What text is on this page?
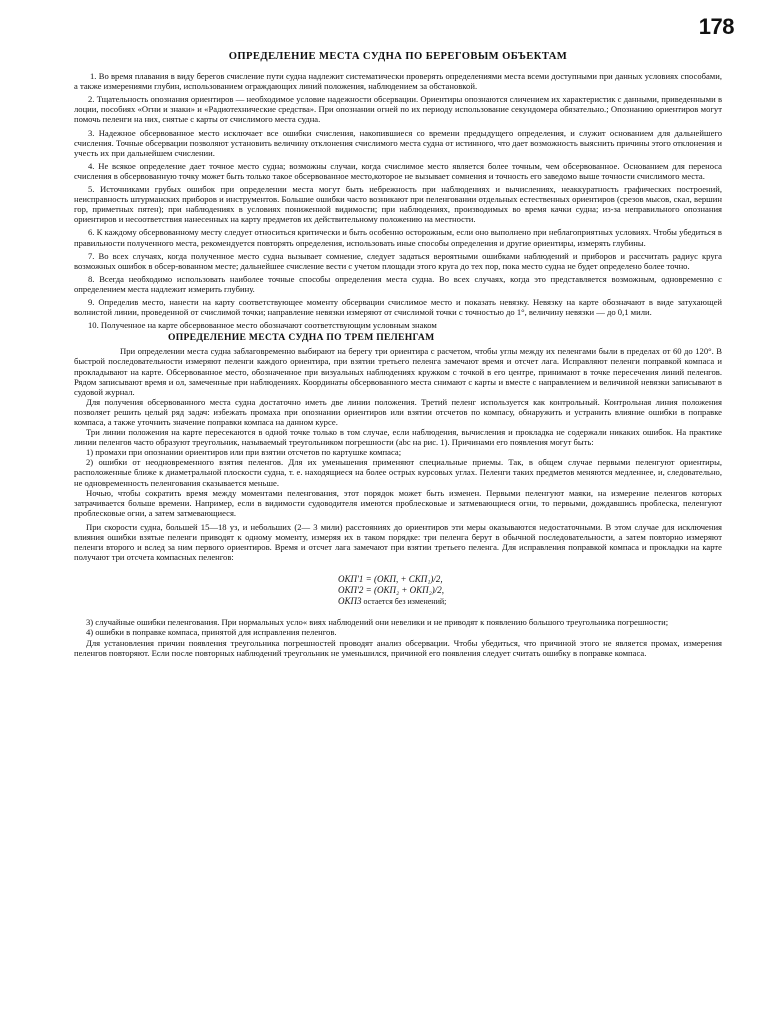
178
ОПРЕДЕЛЕНИЕ МЕСТА СУДНА ПО БЕРЕГОВЫМ ОБЪЕКТАМ
1. Во время плавания в виду берегов счисление пути судна надлежит систематически проверять определениями места всеми доступными при данных условиях способами, а также измерениями глубин, использованием ограждающих линий положения, наблюдением за обстановкой.
2. Тщательность опознания ориентиров — необходимое условие надежности обсервации. Ориентиры опознаются сличением их характеристик с данными, приведенными в лоции, пособиях «Огни и знаки» и «Радиотехнические средства». При опознании огней по их периоду использование секундомера обязательно.; Опознанию ориентиров могут помочь пеленги на них, снятые с карты от счислимого места судна.
3. Надежное обсервованное место исключает все ошибки счисления, накопившиеся со времени предыдущего определения, и служит основанием для дальнейшего счисления. Точные обсервации позволяют установить величину отклонения счислимого места судна от истинного, что дает возможность выяснить причины этого отклонения и учесть их при дальнейшем счислении.
4. Не всякое определение дает точное место судна; возможны случаи, когда счислимое место является более точным, чем обсервованное. Основанием для переноса счисления в обсервованную точку может быть только такое обсервованное место,которое не вызывает сомнения и точность его заведомо выше точности счислимого места.
5. Источниками грубых ошибок при определении места могут быть небрежность при наблюдениях и вычислениях, неаккуратность графических построений, неисправность штурманских приборов и инструментов. Большие ошибки часто возникают при пеленговании отдельных естественных ориентиров (срезов мысов, скал, вершин гор, приметных пятен); при наблюдениях в условиях пониженной видимости; при наблюдениях, производимых во время качки судна; из-за неправильного опознания ориентиров и несоответствия нанесенных на карту предметов их действительному положению на местности.
6. К каждому обсервованному месту следует относиться критически и быть особенно осторожным, если оно выполнено при неблагоприятных условиях. Чтобы убедиться в правильности полученного места, рекомендуется повторять определения, использовать иные способы определения и другие ориентиры, измерять глубины.
7. Во всех случаях, когда полученное место судна вызывает сомнение, следует задаться вероятными ошибками наблюдений и приборов и рассчитать радиус круга возможных ошибок в обсер-вованном месте; дальнейшее счисление вести с учетом площади этого круга до тех пор, пока место судна не будет определено более точно.
8. Всегда необходимо использовать наиболее точные способы определения места судна. Во всех случаях, когда это представляется возможным, одновременно с определением места надлежит измерить глубину.
9. Определив место, нанести на карту соответствующее моменту обсервации счислимое место и показать невязку. Невязку на карте обозначают в виде затухающей волнистой линии, проведенной от счислимой точки; направление невязки измеряют от счислимой точки с точностью до 1°, величину невязки — до 0,1 мили.
10. Полученное на карте обсервованное место обозначают соответствующим условным знаком
ОПРЕДЕЛЕНИЕ МЕСТА СУДНА ПО ТРЕМ ПЕЛЕНГАМ
При определении места судна заблаговременно выбирают на берегу три ориентира с расчетом, чтобы углы между их пеленгами были в пределах от 60 до 120°. В быстрой последовательности измеряют пеленги каждого ориентира, при взятии третьего пеленга замечают время и отсчет лага. Исправляют пеленги поправкой компаса и прокладывают на карте. Обсервованное место, обозначенное при визуальных наблюдениях кружком с точкой в его центре, принимают в точке пересечения линий пеленгов. Рядом записывают время и ол, замеченные при наблюдениях. Координаты обсервованного места снимают с карты и вместе с направлением и величиной невязки записывают в судовой журнал.
Для получения обсервованного места судна достаточно иметь две линии положения. Третий пеленг используется как контрольный. Контрольная линия положения позволяет решить целый ряд задач: избежать промаха при опознании ориентиров или взятии отсчетов по компасу, обнаружить и устранить влияние ошибки в поправке компаса, а также уточнить значение поправки компаса на данном курсе.
Три линии положения на карте пересекаются в одной точке только в том случае, если наблюдения, вычисления и прокладка не содержали никаких ошибок. На практике линии пеленгов часто образуют треугольник, называемый треугольником погрешности (abc на рис. 1). Причинами его появления могут быть:
1) промахи при опознании ориентиров или при взятии отсчетов по картушке компаса;
2) ошибки от неодновременного взятия пеленгов. Для их уменьшения применяют специальные приемы. Так, в общем случае первыми пеленгуют ориентиры, расположенные ближе к диаметральной плоскости судна, т. е. находящиеся на более острых курсовых углах. Пеленги таких предметов меняются медленнее, и, следовательно, не одновременность пеленгования сказывается меньше.
Ночью, чтобы сократить время между моментами пеленгования, этот порядок может быть изменен. Первыми пеленгуют маяки, на измерение пеленгов которых затрачивается больше времени. Например, если в видимости судоводителя имеются проблесковые и затмевающиеся огни, то первыми, дождавшись проблеска, пеленгуют проблесковые огни, а затем затмевающиеся.
При скорости судна, большей 15—18 уз, и небольших (2— 3 мили) расстояниях до ориентиров эти меры оказываются недостаточными. В этом случае для исключения влияния ошибки взятые пеленги приводят к одному моменту, измеряя их в таком порядке: три пеленга берут в обычной последовательности, а затем повторно измеряют пеленги второго и вслед за ним первого ориентиров. Время и отсчет лага замечают при взятии третьего пеленга. Для исправления поправкой компаса и прокладки на карте получают три отсчета компасных пеленгов:
ОКП'1 = (ОКП, + СКП₁)/2,
ОКП'2 = (ОКП₂ + ОКП₂)/2,
ОКП3 остается без изменений;
3) случайные ошибки пеленгования. При нормальных усло« виях наблюдений они невелики и не приводят к появлению большого треугольника погрешности;
4) ошибки в поправке компаса, принятой для исправления пеленгов.
Для установления причин появления треугольника погрешностей проводят анализ обсервации. Чтобы убедиться, что причиной этого не является промах, измерения пеленгов повторяют. Если после повторных наблюдений треугольник не уменьшился, причиной его появления следует считать ошибку в поправке компаса.
